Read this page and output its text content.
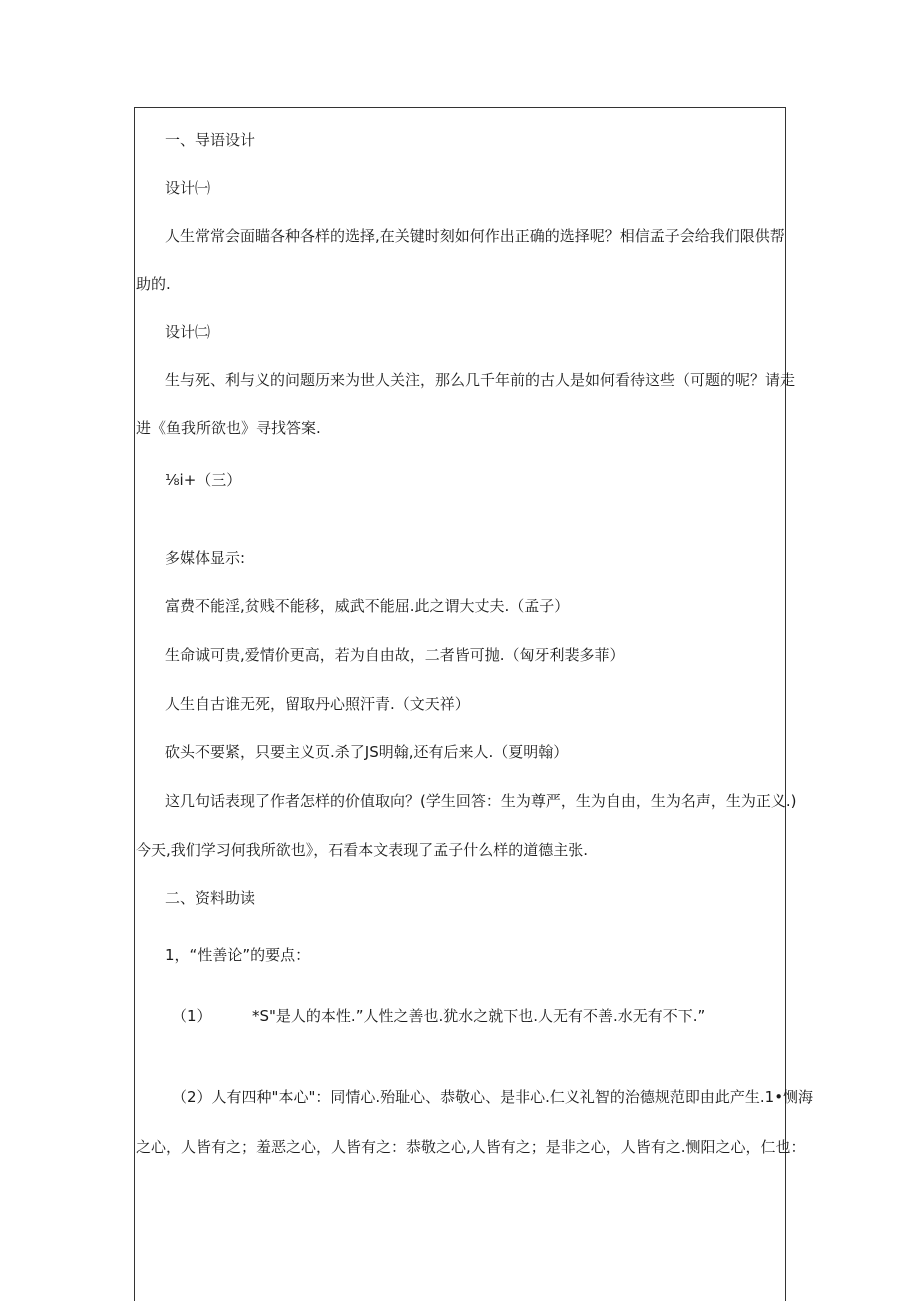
一、导语设计
设计㈠
人生常常会面瞄各种各样的选择,在关键时刻如何作出正确的选择呢？相信孟子会给我们限供帮
助的.
设计㈡
生与死、利与义的问题历来为世人关注，那么几千年前的古人是如何看待这些（可题的呢？请走
进《鱼我所欲也》寻找答案.
⅛i+（三）
多媒体显示:
富费不能淫,贫贱不能移，威武不能屈.此之谓大丈夫.（孟子）
生命诚可贵,爱情价更高，若为自由故，二者皆可抛.（匈牙利裴多菲）
人生自古谁无死，留取丹心照汗青.（文天祥）
砍头不要紧，只要主义页.杀了JS明翰,还有后来人.（夏明翰）
这几句话表现了作者怎样的价值取向？(学生回答：生为尊严，生为自由，生为名声，生为正义.)
今天,我们学习何我所欲也》，石看本文表现了孟子什么样的道德主张.
二、资料助读
1，“性善论”的要点：
（1）	*S"是人的本性.”人性之善也.犹水之就下也.人无有不善.水无有不下.”
（2）人有四种"本心"：同情心.殆耻心、恭敬心、是非心.仁义礼智的治德规范即由此产生.1•恻海
之心，人皆有之；羞恶之心，人皆有之：恭敬之心,人皆有之；是非之心，人皆有之.恻阳之心，仁也：
